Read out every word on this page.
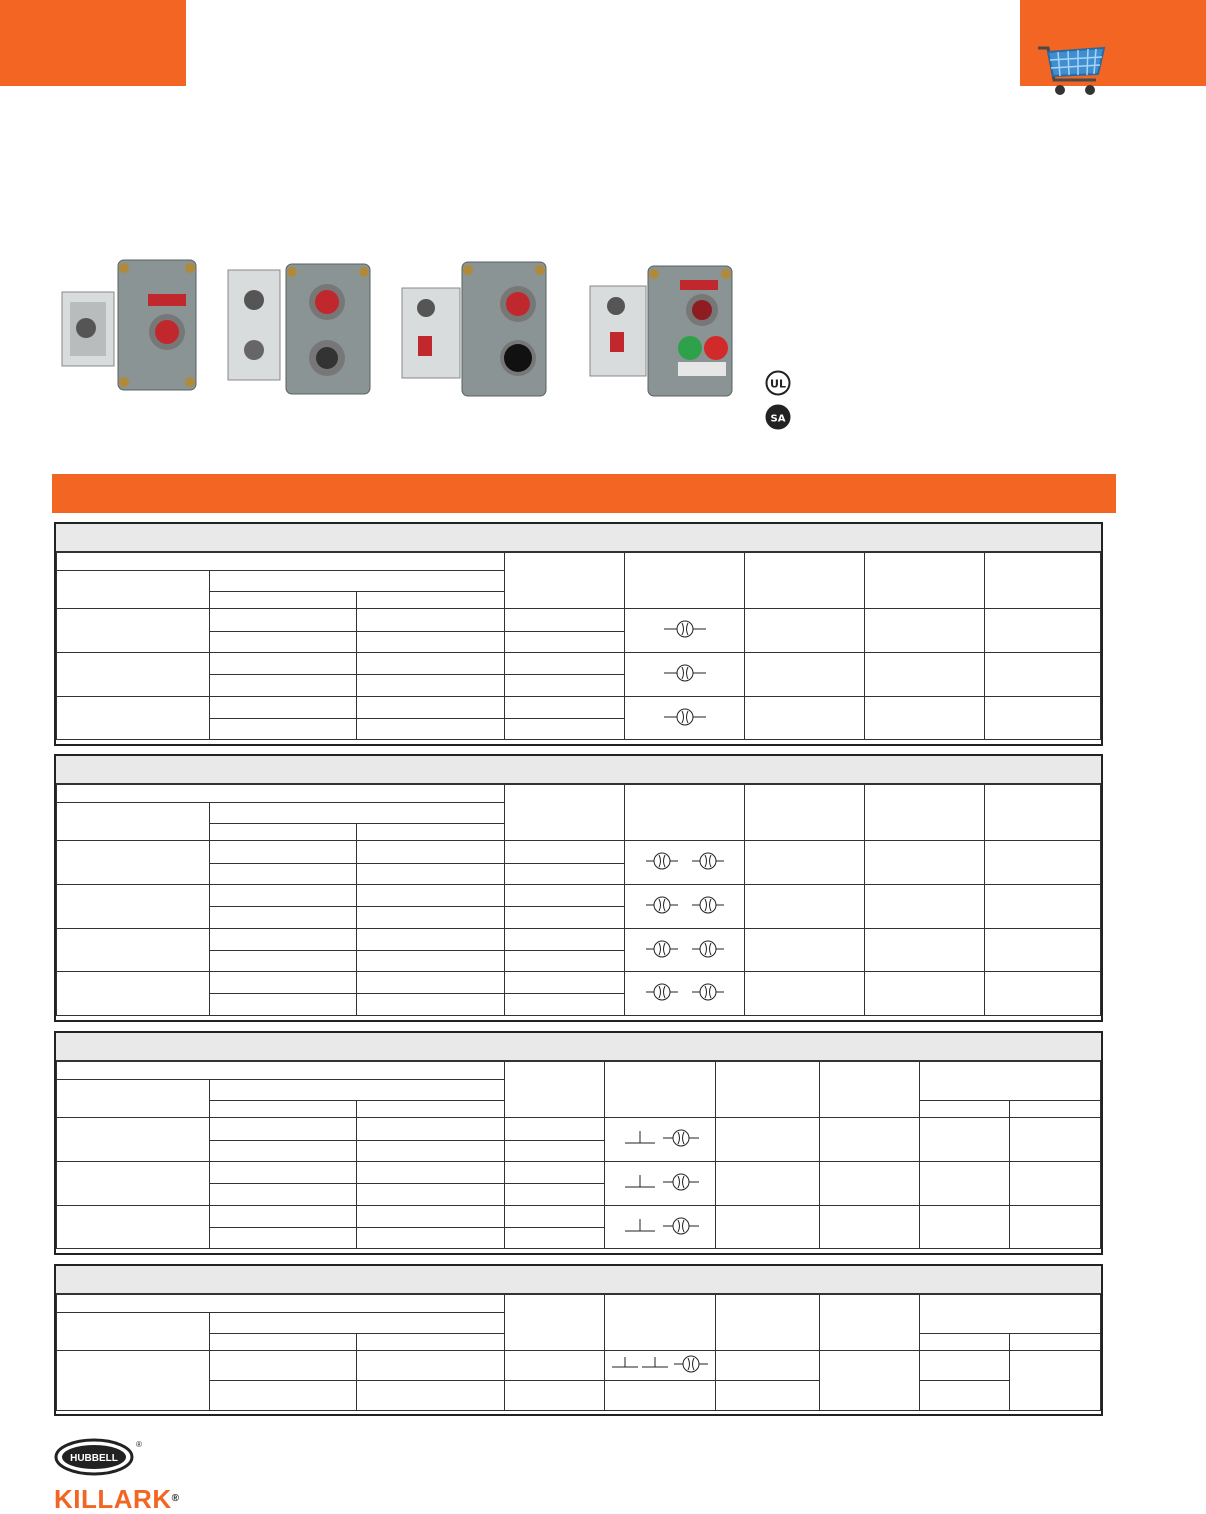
UL
SA

HUBBELL
®
KILLARK®
